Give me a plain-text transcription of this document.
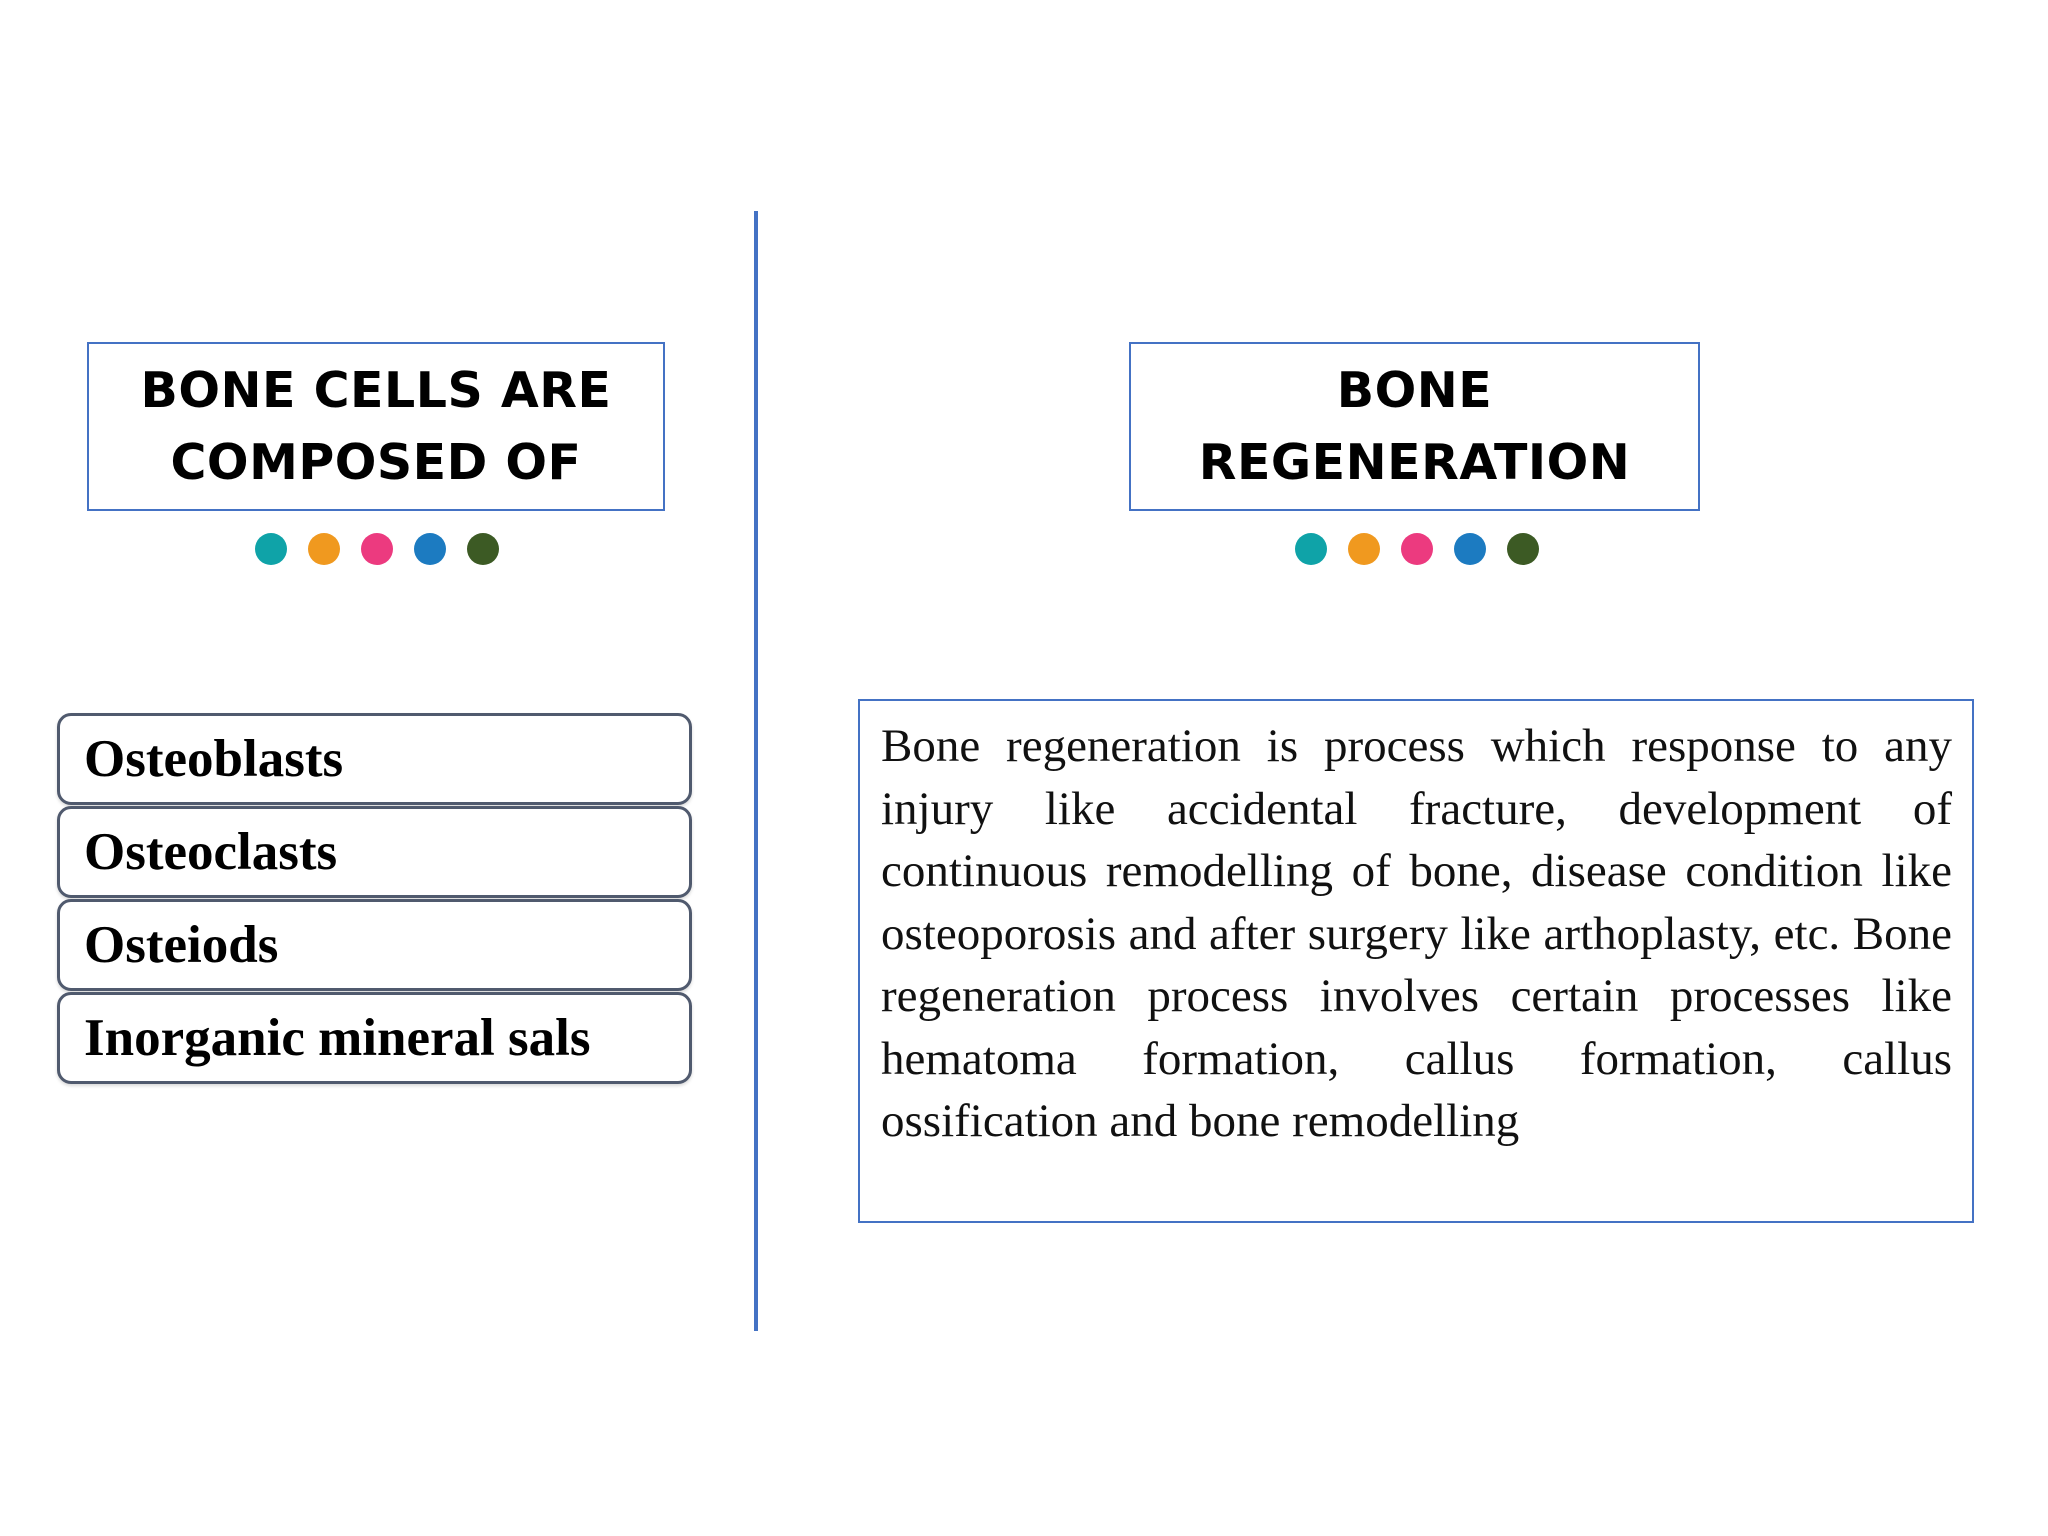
BONE CELLS ARE
COMPOSED OF
Osteoblasts
Osteoclasts
Osteiods
Inorganic mineral sals
BONE
REGENERATION
Bone regeneration is process which response to any injury like accidental fracture, development of continuous remodelling of bone, disease condition like osteoporosis and after surgery like arthoplasty, etc. Bone regeneration process involves certain processes like hematoma formation, callus formation, callus ossification and bone remodelling
